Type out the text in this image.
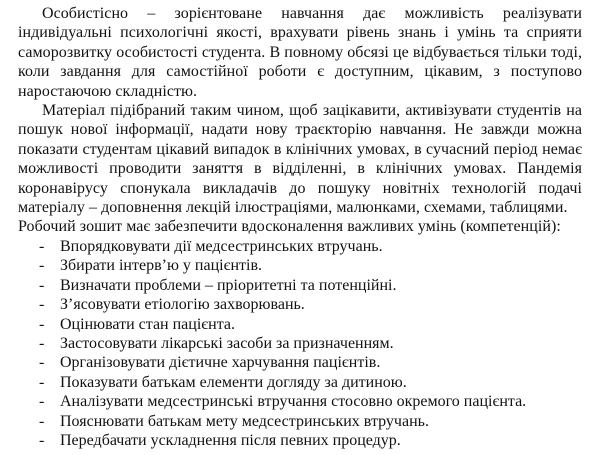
Особистісно – зорієнтоване навчання дає можливість реалізувати індивідуальні психологічні якості, врахувати рівень знань і умінь та сприяти саморозвитку особистості студента. В повному обсязі це відбувається тільки тоді, коли завдання для самостійної роботи є доступним, цікавим, з поступово наростаючою складністю.

Матеріал підібраний таким чином, щоб зацікавити, активізувати студентів на пошук нової інформації, надати нову траєкторію навчання. Не завжди можна показати студентам цікавий випадок в клінічних умовах, в сучасний період немає можливості проводити заняття в відділенні, в клінічних умовах. Пандемія коронавірусу спонукала викладачів до пошуку новітніх технологій подачі матеріалу – доповнення лекцій ілюстраціями, малюнками, схемами, таблицями.

Робочий зошит має забезпечити вдосконалення важливих умінь (компетенцій):

- Впорядковувати дії медсестринських втручань.
- Збирати інтерв’ю у пацієнтів.
- Визначати проблеми – пріоритетні та потенційні.
- З’ясовувати етіологію захворювань.
- Оцінювати стан пацієнта.
- Застосовувати лікарські засоби за призначенням.
- Організовувати дієтичне харчування пацієнтів.
- Показувати батькам елементи догляду за дитиною.
- Аналізувати медсестринські втручання стосовно окремого пацієнта.
- Пояснювати батькам мету медсестринських втручань.
- Передбачати ускладнення після певних процедур.
